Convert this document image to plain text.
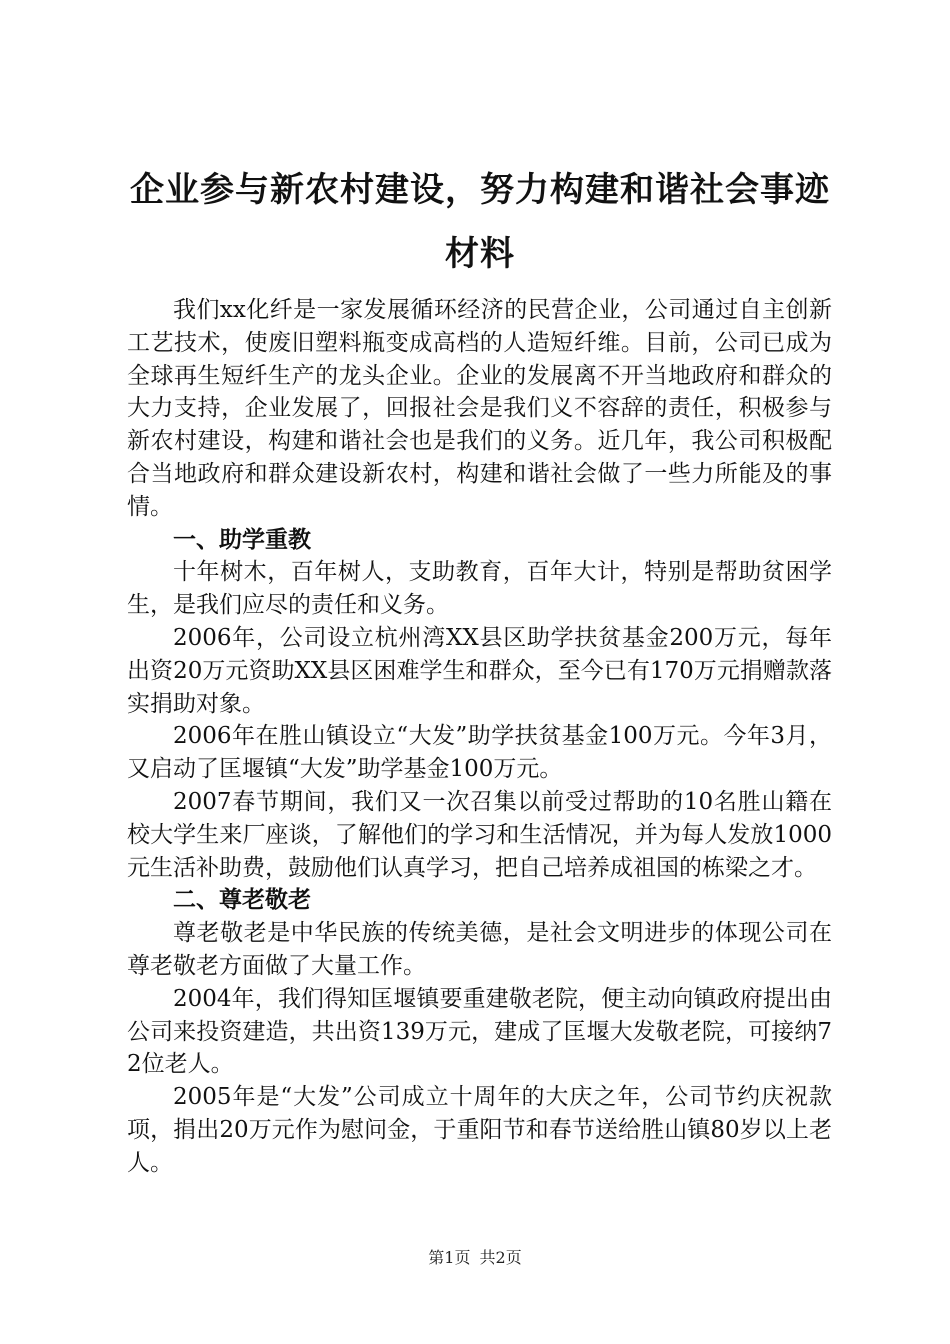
企业参与新农村建设，努力构建和谐社会事迹
材料

我们xx化纤是一家发展循环经济的民营企业，公司通过自主创新工艺技术，使废旧塑料瓶变成高档的人造短纤维。目前，公司已成为全球再生短纤生产的龙头企业。企业的发展离不开当地政府和群众的大力支持，企业发展了，回报社会是我们义不容辞的责任，积极参与新农村建设，构建和谐社会也是我们的义务。近几年，我公司积极配合当地政府和群众建设新农村，构建和谐社会做了一些力所能及的事情。

一、助学重教

十年树木，百年树人，支助教育，百年大计，特别是帮助贫困学生，是我们应尽的责任和义务。

2006年，公司设立杭州湾XX县区助学扶贫基金200万元，每年出资20万元资助XX县区困难学生和群众，至今已有170万元捐赠款落实捐助对象。

2006年在胜山镇设立“大发”助学扶贫基金100万元。今年3月，又启动了匡堰镇“大发”助学基金100万元。

2007春节期间，我们又一次召集以前受过帮助的10名胜山籍在校大学生来厂座谈，了解他们的学习和生活情况，并为每人发放1000元生活补助费，鼓励他们认真学习，把自己培养成祖国的栋梁之才。

二、尊老敬老

尊老敬老是中华民族的传统美德，是社会文明进步的体现公司在尊老敬老方面做了大量工作。

2004年，我们得知匡堰镇要重建敬老院，便主动向镇政府提出由公司来投资建造，共出资139万元，建成了匡堰大发敬老院，可接纳72位老人。

2005年是“大发”公司成立十周年的大庆之年，公司节约庆祝款项，捐出20万元作为慰问金，于重阳节和春节送给胜山镇80岁以上老人。

第1页 共2页
